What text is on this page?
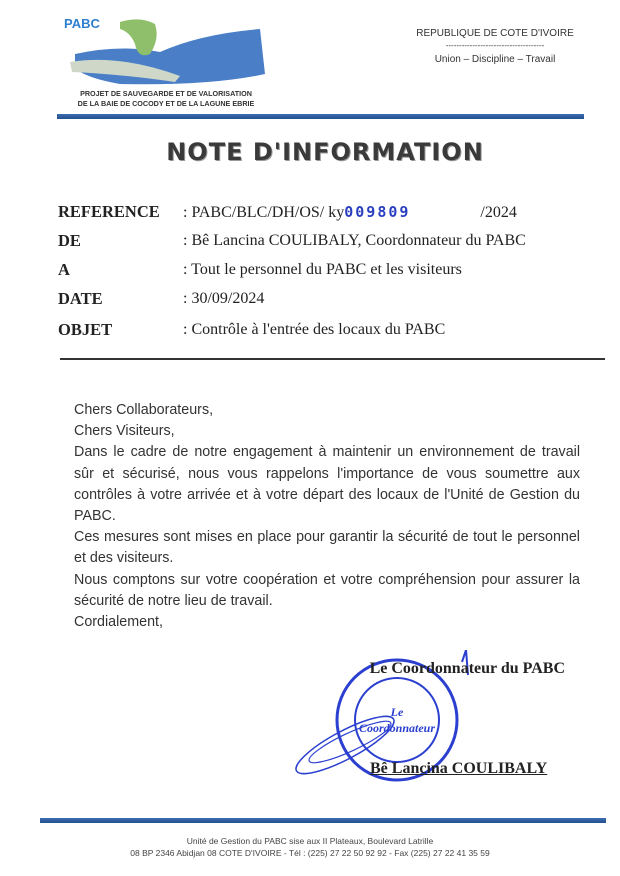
PABC
PROJET DE SAUVEGARDE ET DE VALORISATION
DE LA BAIE DE COCODY ET DE LA LAGUNE EBRIE
REPUBLIQUE DE COTE D'IVOIRE
-------------------------------------
Union – Discipline – Travail
NOTE D'INFORMATION
REFERENCE : PABC/BLC/DH/OS/ ky009809	/2024
DE	: Bê Lancina COULIBALY, Coordonnateur du PABC
A	: Tout le personnel du PABC et les visiteurs
DATE	: 30/09/2024
OBJET	: Contrôle à l'entrée des locaux du PABC

Chers Collaborateurs,

Chers Visiteurs,

Dans le cadre de notre engagement à maintenir un environnement de travail sûr et sécurisé, nous vous rappelons l'importance de vous soumettre aux contrôles à votre arrivée et à votre départ des locaux de l'Unité de Gestion du PABC.

Ces mesures sont mises en place pour garantir la sécurité de tout le personnel et des visiteurs.

Nous comptons sur votre coopération et votre compréhension pour assurer la sécurité de notre lieu de travail.

Cordialement,

Le
Coordonnateur
Le Coordonnateur du PABC
Bê Lancina COULIBALY
Unité de Gestion du PABC sise aux II Plateaux, Boulevard Latrille
08 BP 2346 Abidjan 08 COTE D'IVOIRE - Tél : (225) 27 22 50 92 92 - Fax (225) 27 22 41 35 59
